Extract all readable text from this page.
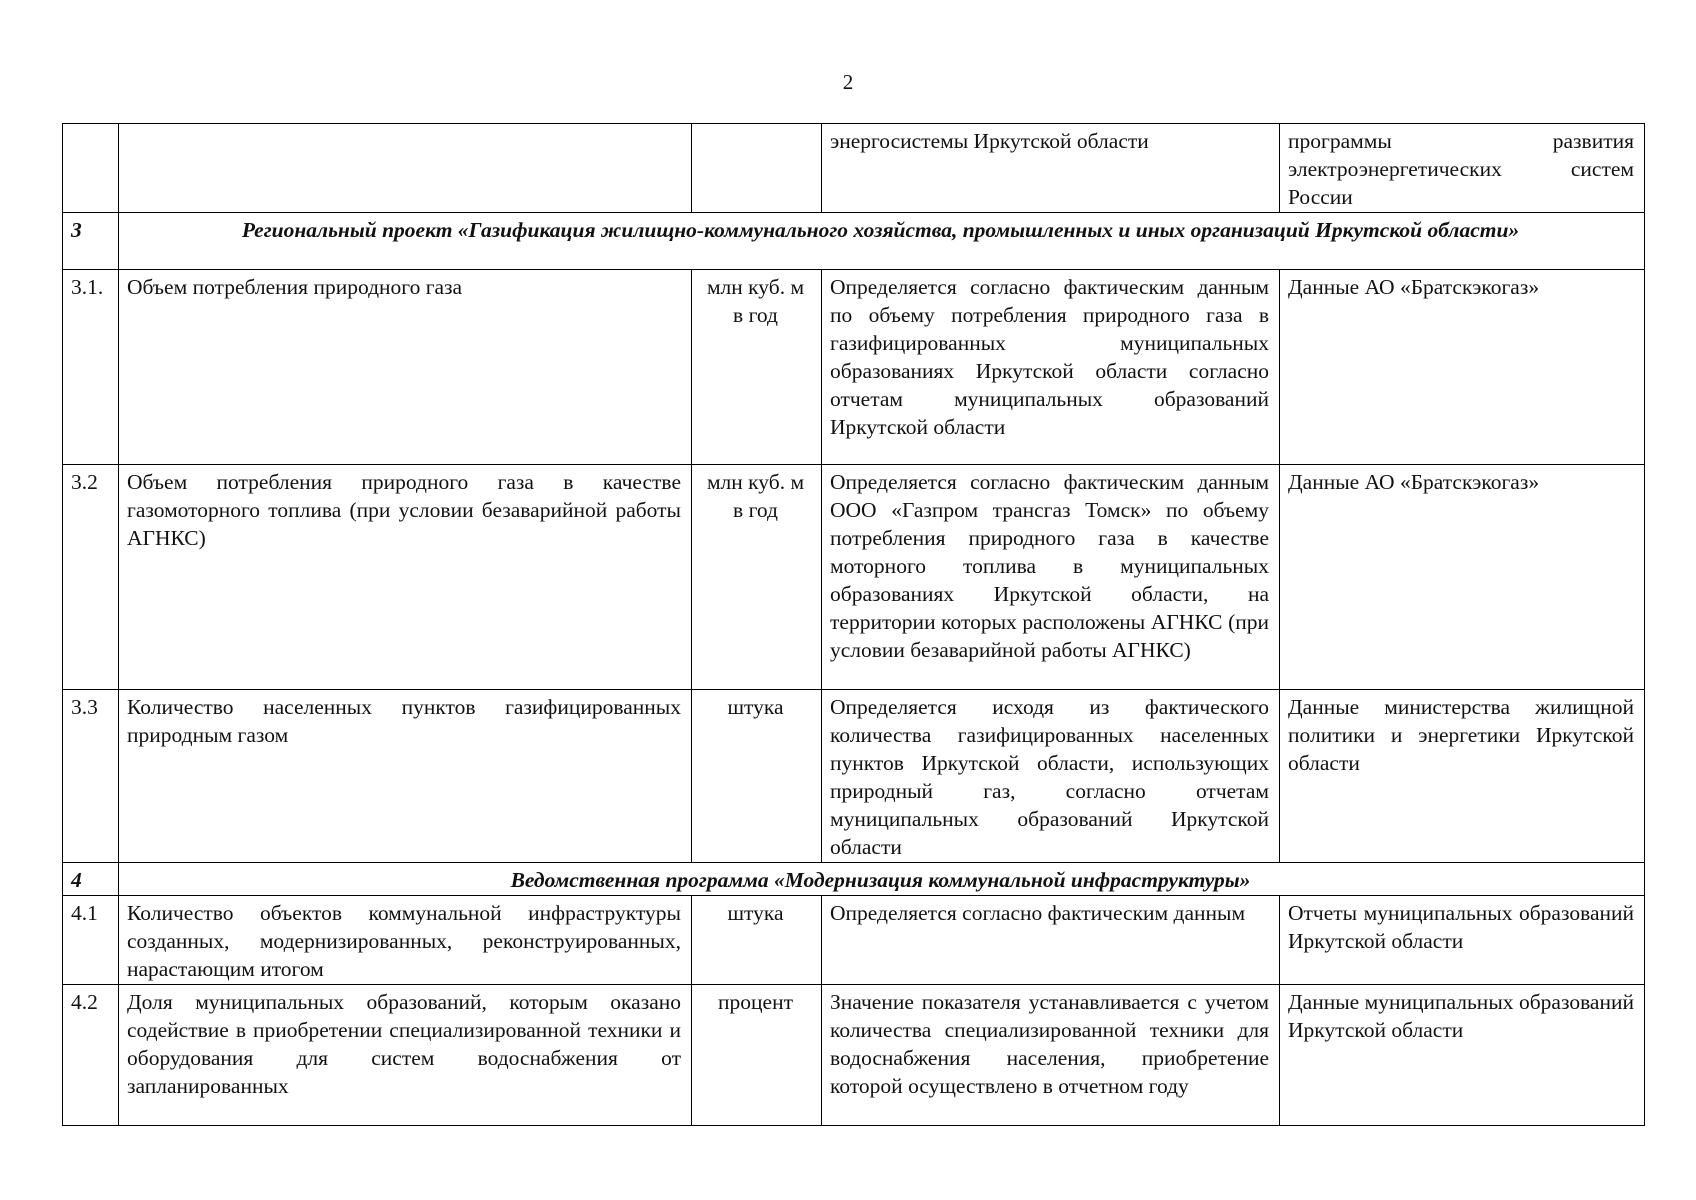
2
			энергосистемы Иркутской области	программы развития электроэнергетических систем России
3	Региональный проект «Газификация жилищно-коммунального хозяйства, промышленных и иных организаций Иркутской области»			
3.1.	Объем потребления природного газа	млн куб. м в год	Определяется согласно фактическим данным по объему потребления природного газа в газифицированных муниципальных образованиях Иркутской области согласно отчетам муниципальных образований Иркутской области	Данные АО «Братскэкогаз»
3.2	Объем потребления природного газа в качестве газомоторного топлива (при условии безаварийной работы АГНКС)	млн куб. м в год	Определяется согласно фактическим данным ООО «Газпром трансгаз Томск» по объему потребления природного газа в качестве моторного топлива в муниципальных образованиях Иркутской области, на территории которых расположены АГНКС (при условии безаварийной работы АГНКС)	Данные АО «Братскэкогаз»
3.3	Количество населенных пунктов газифицированных природным газом	штука	Определяется исходя из фактического количества газифицированных населенных пунктов Иркутской области, использующих природный газ, согласно отчетам муниципальных образований Иркутской области	Данные министерства жилищной политики и энергетики Иркутской области
4	Ведомственная программа «Модернизация коммунальной инфраструктуры»			
4.1	Количество объектов коммунальной инфраструктуры созданных, модернизированных, реконструированных, нарастающим итогом	штука	Определяется согласно фактическим данным	Отчеты муниципальных образований Иркутской области
4.2	Доля муниципальных образований, которым оказано содействие в приобретении специализированной техники и оборудования для систем водоснабжения от запланированных	процент	Значение показателя устанавливается с учетом количества специализированной техники для водоснабжения населения, приобретение которой осуществлено в отчетном году	Данные муниципальных образований Иркутской области
